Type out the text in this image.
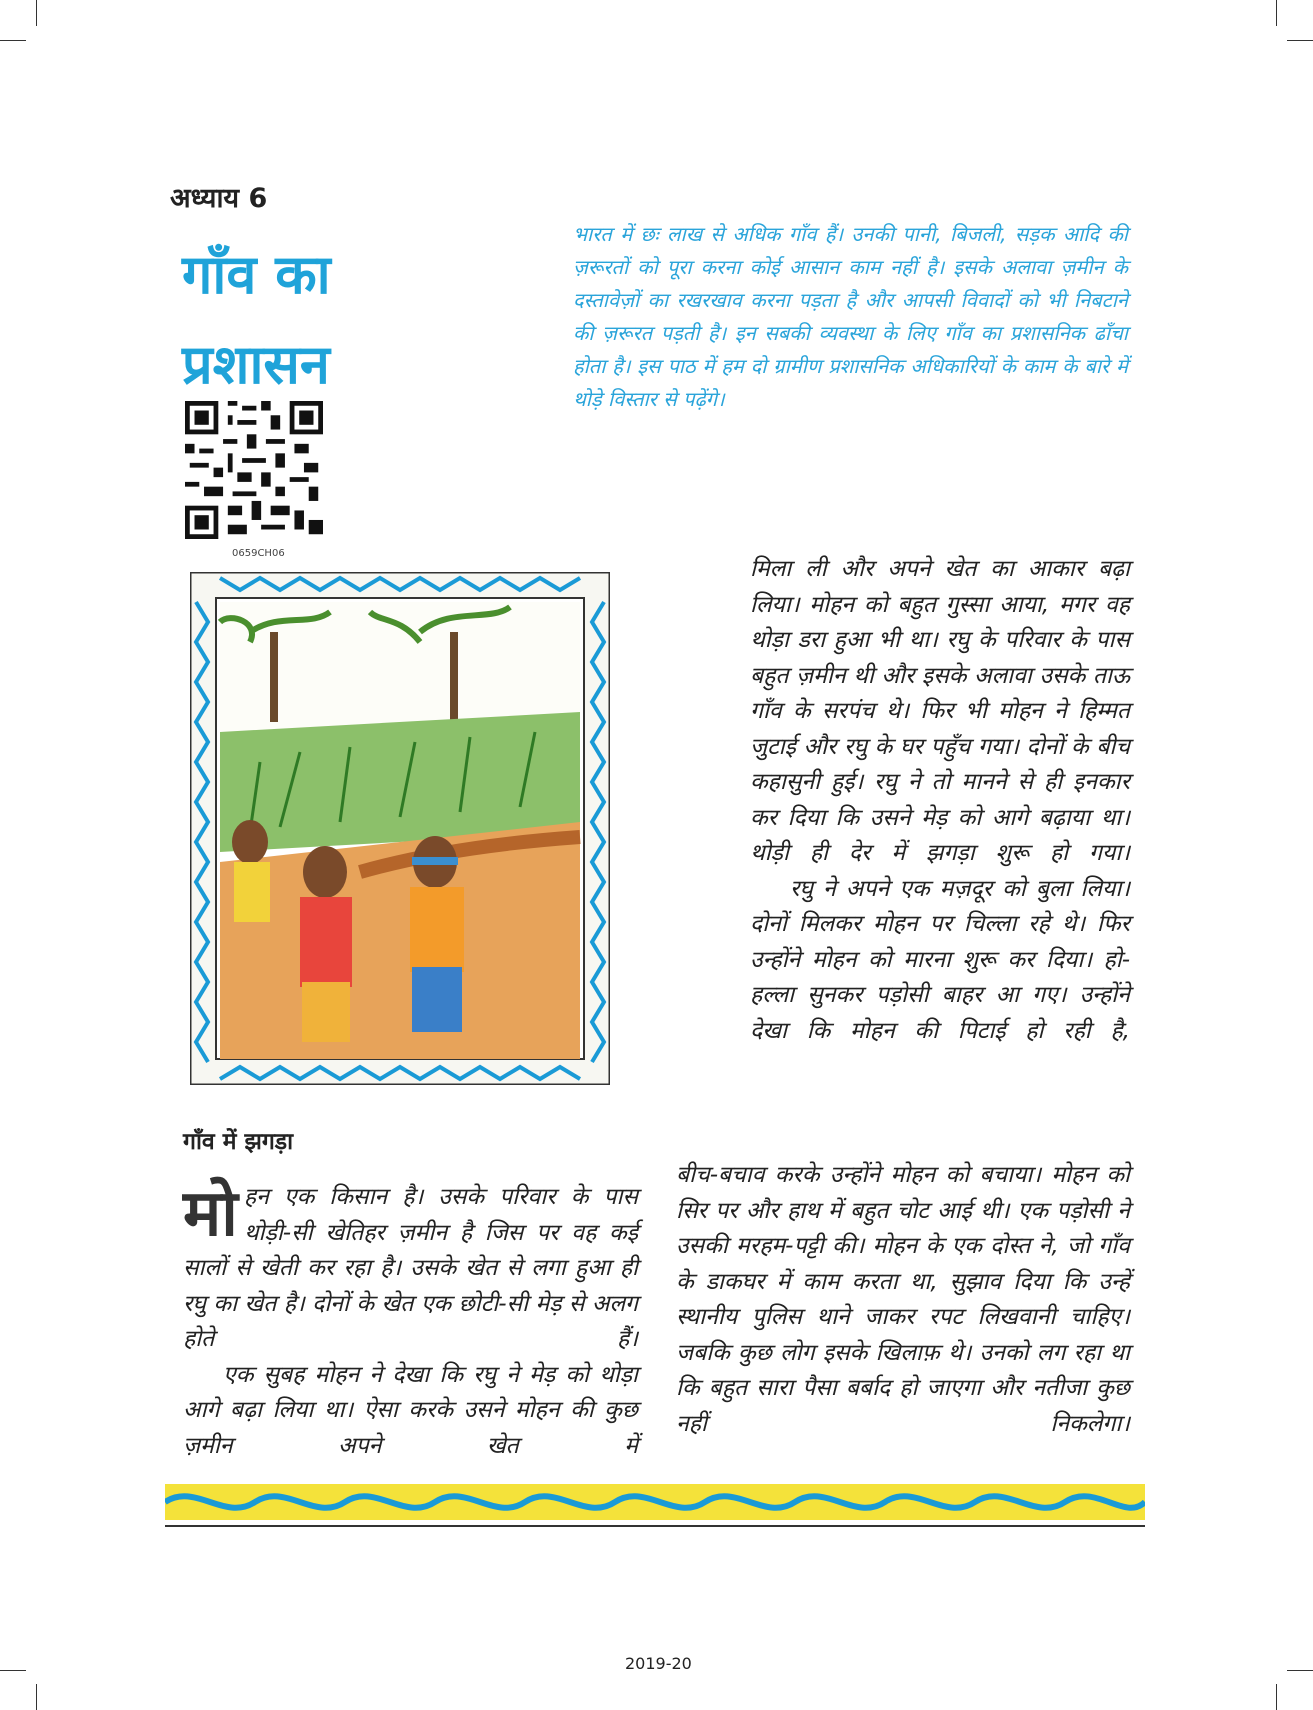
अध्याय 6
गाँव का
प्रशासन
भारत में छः लाख से अधिक गाँव हैं। उनकी पानी, बिजली, सड़क आदि की ज़रूरतों को पूरा करना कोई आसान काम नहीं है। इसके अलावा ज़मीन के दस्तावेज़ों का रखरखाव करना पड़ता है और आपसी विवादों को भी निबटाने की ज़रूरत पड़ती है। इन सबकी व्यवस्था के लिए गाँव का प्रशासनिक ढाँचा होता है। इस पाठ में हम दो ग्रामीण प्रशासनिक अधिकारियों के काम के बारे में थोड़े विस्तार से पढ़ेंगे।
0659CH06

मिला ली और अपने खेत का आकार बढ़ा लिया। मोहन को बहुत गुस्सा आया, मगर वह थोड़ा डरा हुआ भी था। रघु के परिवार के पास बहुत ज़मीन थी और इसके अलावा उसके ताऊ गाँव के सरपंच थे। फिर भी मोहन ने हिम्मत जुटाई और रघु के घर पहुँच गया। दोनों के बीच कहासुनी हुई। रघु ने तो मानने से ही इनकार कर दिया कि उसने मेड़ को आगे बढ़ाया था। थोड़ी ही देर में झगड़ा शुरू हो गया।

रघु ने अपने एक मज़दूर को बुला लिया। दोनों मिलकर मोहन पर चिल्ला रहे थे। फिर उन्होंने मोहन को मारना शुरू कर दिया। हो-हल्ला सुनकर पड़ोसी बाहर आ गए। उन्होंने देखा कि मोहन की पिटाई हो रही है,

बीच-बचाव करके उन्होंने मोहन को बचाया। मोहन को सिर पर और हाथ में बहुत चोट आई थी। एक पड़ोसी ने उसकी मरहम-पट्टी की। मोहन के एक दोस्त ने, जो गाँव के डाकघर में काम करता था, सुझाव दिया कि उन्हें स्थानीय पुलिस थाने जाकर रपट लिखवानी चाहिए। जबकि कुछ लोग इसके खिलाफ़ थे। उनको लग रहा था कि बहुत सारा पैसा बर्बाद हो जाएगा और नतीजा कुछ नहीं निकलेगा।

गाँव में झगड़ा

मोहन एक किसान है। उसके परिवार के पास थोड़ी-सी खेतिहर ज़मीन है जिस पर वह कई सालों से खेती कर रहा है। उसके खेत से लगा हुआ ही रघु का खेत है। दोनों के खेत एक छोटी-सी मेड़ से अलग होते हैं।

एक सुबह मोहन ने देखा कि रघु ने मेड़ को थोड़ा आगे बढ़ा लिया था। ऐसा करके उसने मोहन की कुछ ज़मीन अपने खेत में

2019-20
